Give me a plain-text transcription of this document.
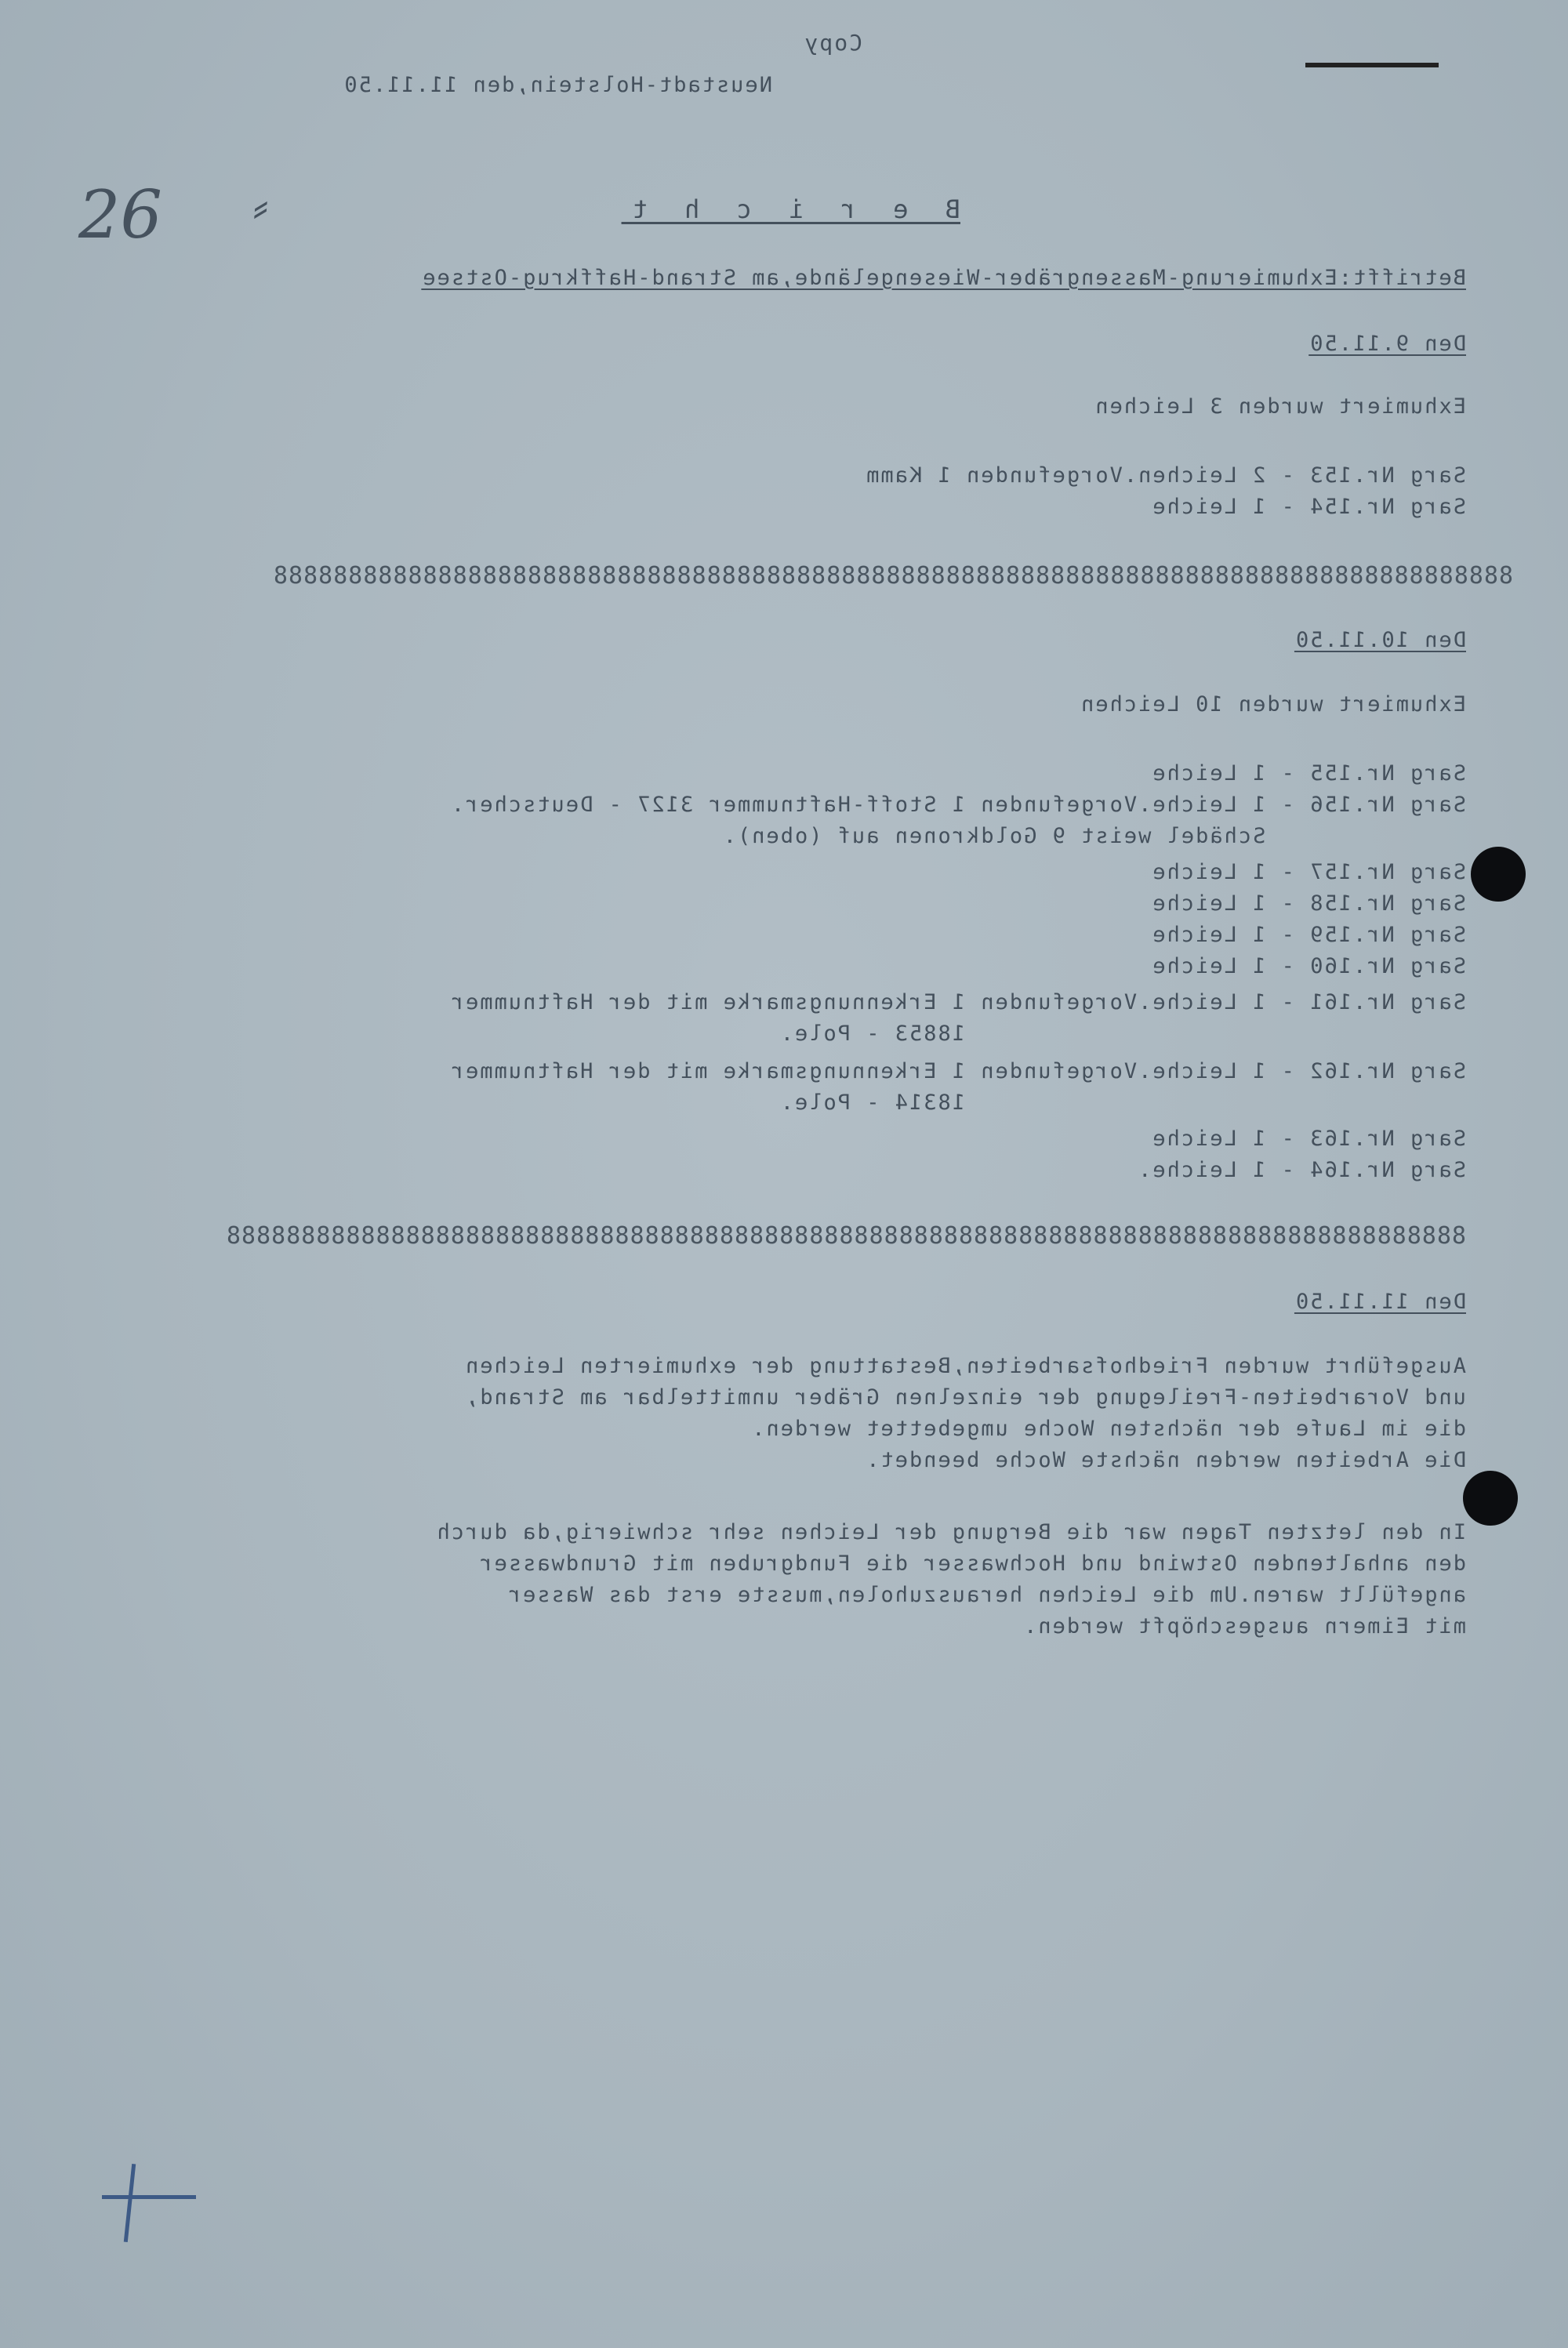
Copy
Neustadt-Holstein,den 11.11.50
B e r i c h t
Betrifft:Exhumierung-Massengräber-Wiesengelände,am Strand-Haffkrug-Ostsee
Den 9.11.50
Exhumiert wurden 3 Leichen
Sarg Nr.153 - 2 Leichen.Vorgefunden 1 Kamm
Sarg Nr.154 - 1 Leiche
88888888888888888888888888888888888888888888888888888888888888888888888888888888888
Den 10.11.50
Exhumiert wurden 10 Leichen
Sarg Nr.155 - 1 Leiche
Sarg Nr.156 - 1 Leiche.Vorgefunden 1 Stoff-Haftnummer 3127 - Deutscher.
Schädel weist 9 Goldkronen auf (oben).
Sarg Nr.157 - 1 Leiche
Sarg Nr.158 - 1 Leiche
Sarg Nr.159 - 1 Leiche
Sarg Nr.160 - 1 Leiche
Sarg Nr.161 - 1 Leiche.Vorgefunden 1 Erkennungsmarke mit der Haftnummer
18853 - Pole.
Sarg Nr.162 - 1 Leiche.Vorgefunden 1 Erkennungsmarke mit der Haftnummer
18314 - Pole.
Sarg Nr.163 - 1 Leiche
Sarg Nr.164 - 1 Leiche.
88888888888888888888888888888888888888888888888888888888888888888888888888888888888
Den 11.11.50
Ausgeführt wurden Friedhofsarbeiten,Bestattung der exhumierten Leichen
und Vorarbeiten-Freilegung der einzelnen Gräber unmittelbar am Strand,
die im Laufe der nächsten Woche umgebettet werden.
Die Arbeiten werden nächste Woche beendet.
In den letzten Tagen war die Bergung der Leichen sehr schwierig,da durch
den anhaltenden Ostwind und Hochwasser die Fundgruben mit Grundwasser
angefüllt waren.Um die Leichen herauszuholen,musste erst das Wasser
mit Eimern ausgeschöpft werden.
26 ⸗
